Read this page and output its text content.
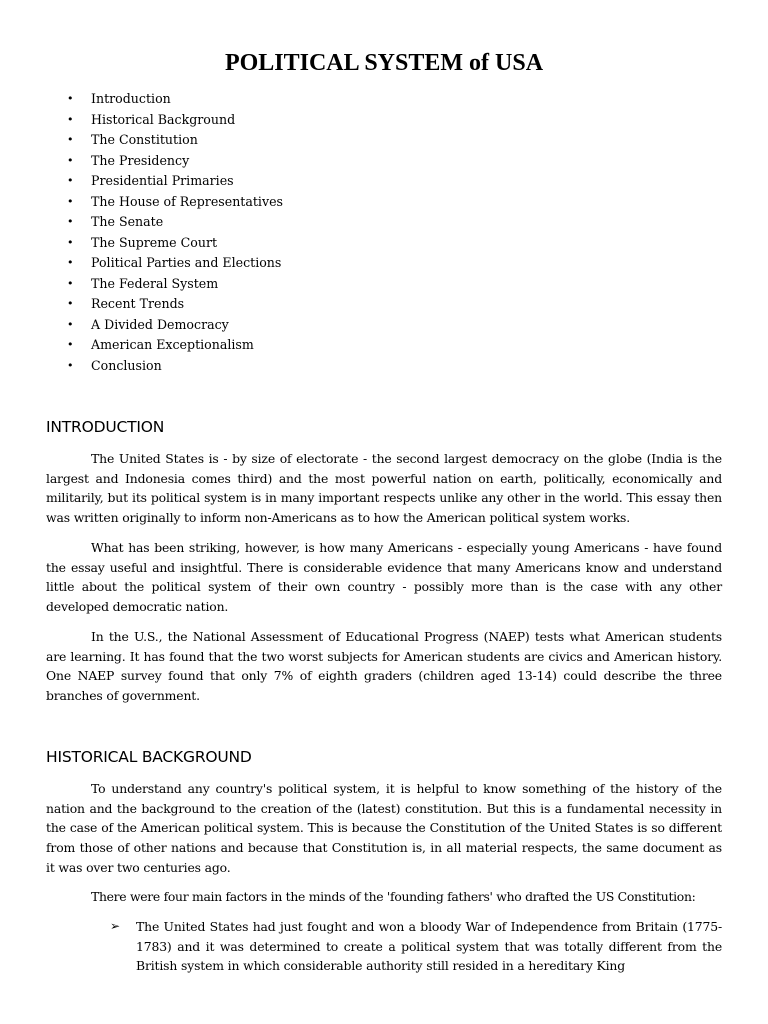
POLITICAL SYSTEM of USA
• Introduction
• Historical Background
• The Constitution
• The Presidency
• Presidential Primaries
• The House of Representatives
• The Senate
• The Supreme Court
• Political Parties and Elections
• The Federal System
• Recent Trends
• A Divided Democracy
• American Exceptionalism
• Conclusion
INTRODUCTION

The United States is - by size of electorate - the second largest democracy on the globe (India is the largest and Indonesia comes third) and the most powerful nation on earth, politically, economically and militarily, but its political system is in many important respects unlike any other in the world. This essay then was written originally to inform non-Americans as to how the American political system works.

What has been striking, however, is how many Americans - especially young Americans - have found the essay useful and insightful. There is considerable evidence that many Americans know and understand little about the political system of their own country - possibly more than is the case with any other developed democratic nation.

In the U.S., the National Assessment of Educational Progress (NAEP) tests what American students are learning. It has found that the two worst subjects for American students are civics and American history. One NAEP survey found that only 7% of eighth graders (children aged 13-14) could describe the three branches of government.

HISTORICAL BACKGROUND

To understand any country's political system, it is helpful to know something of the history of the nation and the background to the creation of the (latest) constitution. But this is a fundamental necessity in the case of the American political system. This is because the Constitution of the United States is so different from those of other nations and because that Constitution is, in all material respects, the same document as it was over two centuries ago.

There were four main factors in the minds of the 'founding fathers' who drafted the US Constitution:

➢ The United States had just fought and won a bloody War of Independence from Britain (1775-1783) and it was determined to create a political system that was totally different from the British system in which considerable authority still resided in a hereditary King
